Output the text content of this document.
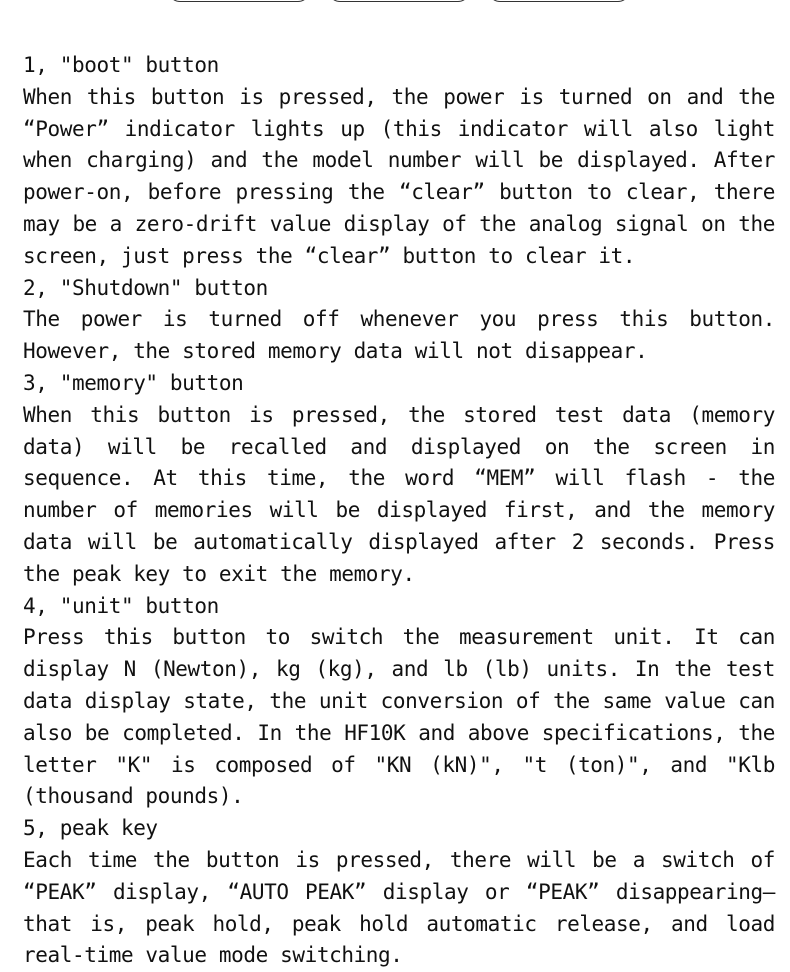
1, "boot" button

When this button is pressed, the power is turned on and the “Power” indicator lights up (this indicator will also light when charging) and the model number will be displayed. After power-on, before pressing the “clear” button to clear, there may be a zero-drift value display of the analog signal on the screen, just press the “clear” button to clear it.

2, "Shutdown" button

The power is turned off whenever you press this button. However, the stored memory data will not disappear.

3, "memory" button

When this button is pressed, the stored test data (memory data) will be recalled and displayed on the screen in sequence. At this time, the word “MEM” will flash - the number of memories will be displayed first, and the memory data will be automatically displayed after 2 seconds. Press the peak key to exit the memory.

4, "unit" button

Press this button to switch the measurement unit. It can display N (Newton), kg (kg), and lb (lb) units. In the test data display state, the unit conversion of the same value can also be completed. In the HF10K and above specifications, the letter "K" is composed of "KN (kN)", "t (ton)", and "Klb (thousand pounds).

5, peak key

Each time the button is pressed, there will be a switch of “PEAK” display, “AUTO PEAK” display or “PEAK” disappearing—that is, peak hold, peak hold automatic release, and load real-time value mode switching.
